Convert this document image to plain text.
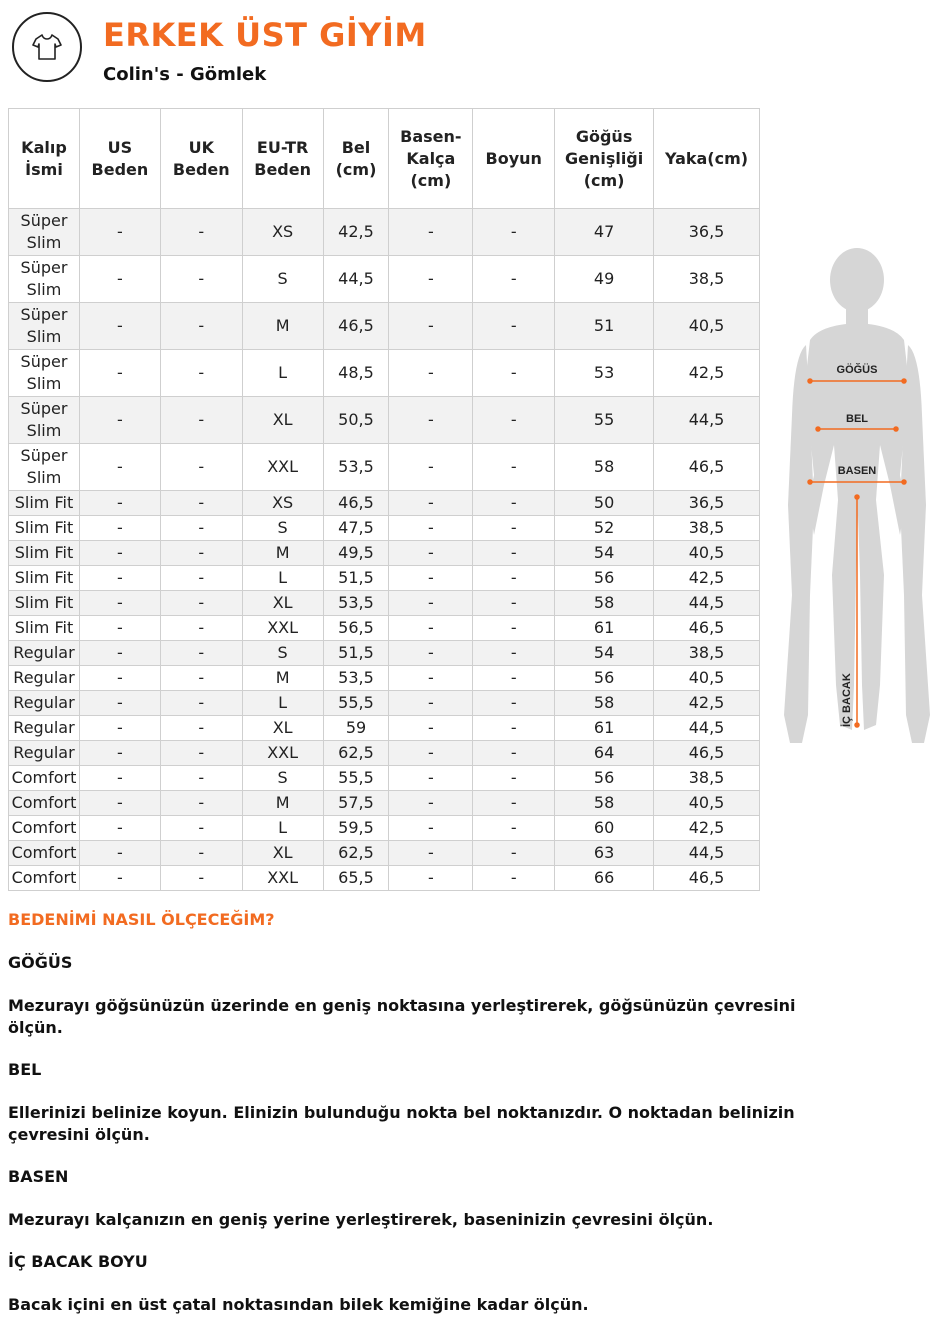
ERKEK ÜST GİYİM
Colin's - Gömlek
Kalıp İsmi	US Beden	UK Beden	EU-TR Beden	Bel (cm)	Basen-Kalça (cm)	Boyun	Göğüs Genişliği (cm)	Yaka(cm)
Süper Slim	-	-	XS	42,5	-	-	47	36,5
Süper Slim	-	-	S	44,5	-	-	49	38,5
Süper Slim	-	-	M	46,5	-	-	51	40,5
Süper Slim	-	-	L	48,5	-	-	53	42,5
Süper Slim	-	-	XL	50,5	-	-	55	44,5
Süper Slim	-	-	XXL	53,5	-	-	58	46,5
Slim Fit	-	-	XS	46,5	-	-	50	36,5
Slim Fit	-	-	S	47,5	-	-	52	38,5
Slim Fit	-	-	M	49,5	-	-	54	40,5
Slim Fit	-	-	L	51,5	-	-	56	42,5
Slim Fit	-	-	XL	53,5	-	-	58	44,5
Slim Fit	-	-	XXL	56,5	-	-	61	46,5
Regular	-	-	S	51,5	-	-	54	38,5
Regular	-	-	M	53,5	-	-	56	40,5
Regular	-	-	L	55,5	-	-	58	42,5
Regular	-	-	XL	59	-	-	61	44,5
Regular	-	-	XXL	62,5	-	-	64	46,5
Comfort	-	-	S	55,5	-	-	56	38,5
Comfort	-	-	M	57,5	-	-	58	40,5
Comfort	-	-	L	59,5	-	-	60	42,5
Comfort	-	-	XL	62,5	-	-	63	44,5
Comfort	-	-	XXL	65,5	-	-	66	46,5
GÖĞÜS
BEL
BASEN
İÇ BACAK
BEDENİMİ NASIL ÖLÇECEĞİM?
GÖĞÜS
Mezurayı göğsünüzün üzerinde en geniş noktasına yerleştirerek, göğsünüzün çevresini ölçün.
BEL
Ellerinizi belinize koyun. Elinizin bulunduğu nokta bel noktanızdır. O noktadan belinizin çevresini ölçün.
BASEN
Mezurayı kalçanızın en geniş yerine yerleştirerek, baseninizin çevresini ölçün.
İÇ BACAK BOYU
Bacak içini en üst çatal noktasından bilek kemiğine kadar ölçün.
